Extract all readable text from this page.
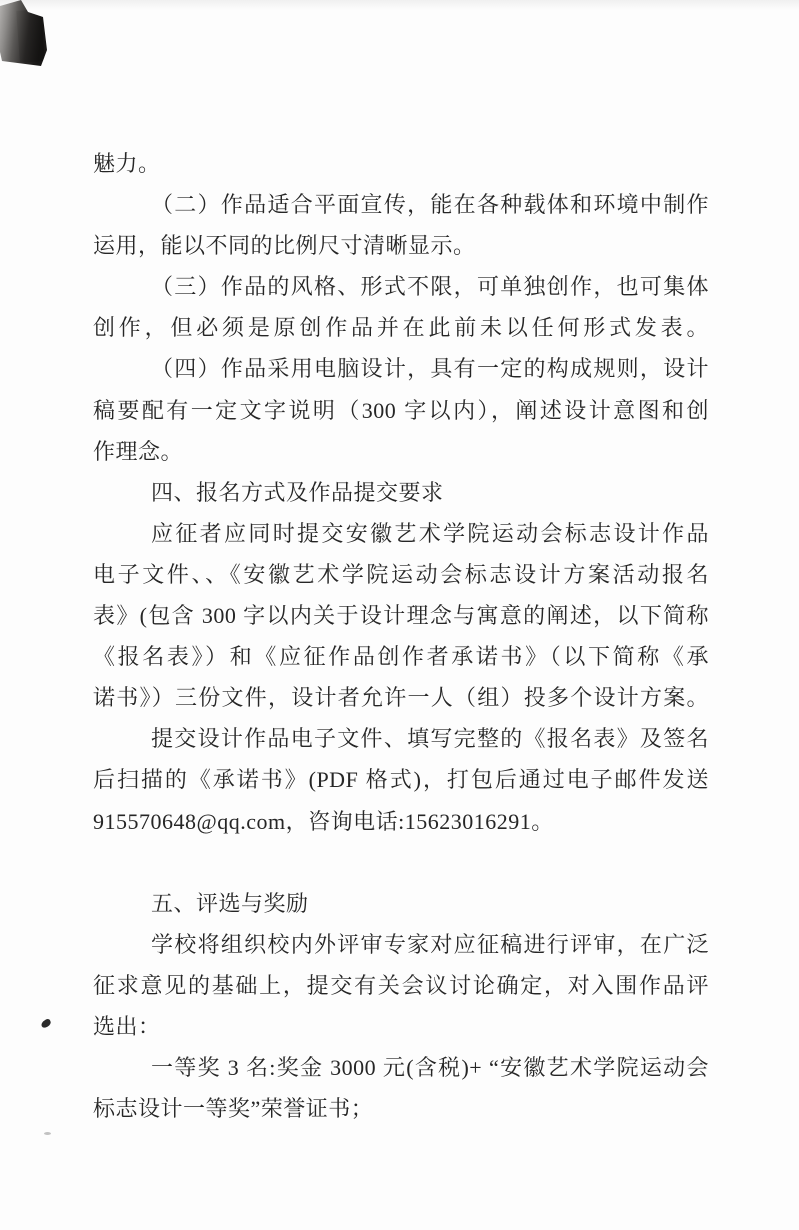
魅力。
（二）作品适合平面宣传，能在各种载体和环境中制作
运用，能以不同的比例尺寸清晰显示。
（三）作品的风格、形式不限，可单独创作，也可集体
创作，但必须是原创作品并在此前未以任何形式发表。
（四）作品采用电脑设计，具有一定的构成规则，设计
稿要配有一定文字说明（300 字以内），阐述设计意图和创
作理念。
四、报名方式及作品提交要求
应征者应同时提交安徽艺术学院运动会标志设计作品
电子文件、、《安徽艺术学院运动会标志设计方案活动报名
表》(包含 300 字以内关于设计理念与寓意的阐述，以下简称
《报名表》）和《应征作品创作者承诺书》（以下简称《承
诺书》）三份文件，设计者允许一人（组）投多个设计方案。
提交设计作品电子文件、填写完整的《报名表》及签名
后扫描的《承诺书》(PDF 格式)，打包后通过电子邮件发送
915570648@qq.com，咨询电话:15623016291。
五、评选与奖励
学校将组织校内外评审专家对应征稿进行评审，在广泛
征求意见的基础上，提交有关会议讨论确定，对入围作品评
选出：
一等奖 3 名:奖金 3000 元(含税)+ “安徽艺术学院运动会
标志设计一等奖”荣誉证书；
